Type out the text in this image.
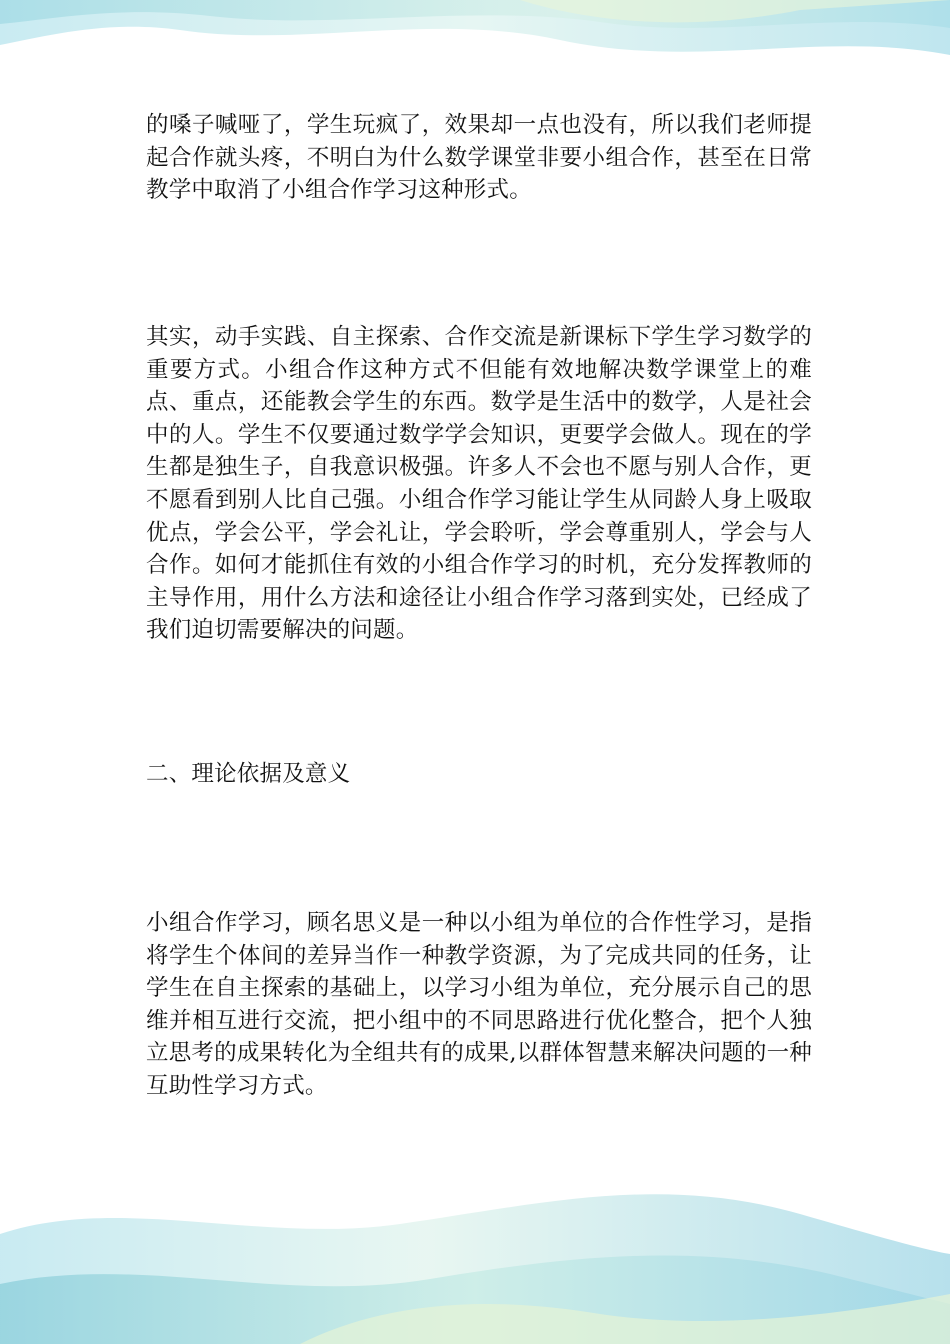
的嗓子喊哑了，学生玩疯了，效果却一点也没有，所以我们老师提起合作就头疼，不明白为什么数学课堂非要小组合作，甚至在日常教学中取消了小组合作学习这种形式。

其实，动手实践、自主探索、合作交流是新课标下学生学习数学的重要方式。小组合作这种方式不但能有效地解决数学课堂上的难点、重点，还能教会学生的东西。数学是生活中的数学，人是社会中的人。学生不仅要通过数学学会知识，更要学会做人。现在的学生都是独生子，自我意识极强。许多人不会也不愿与别人合作，更不愿看到别人比自己强。小组合作学习能让学生从同龄人身上吸取优点，学会公平，学会礼让，学会聆听，学会尊重别人，学会与人合作。如何才能抓住有效的小组合作学习的时机，充分发挥教师的主导作用，用什么方法和途径让小组合作学习落到实处，已经成了我们迫切需要解决的问题。

二、理论依据及意义

小组合作学习，顾名思义是一种以小组为单位的合作性学习，是指将学生个体间的差异当作一种教学资源，为了完成共同的任务，让学生在自主探索的基础上，以学习小组为单位，充分展示自己的思维并相互进行交流，把小组中的不同思路进行优化整合，把个人独立思考的成果转化为全组共有的成果,以群体智慧来解决问题的一种互助性学习方式。
